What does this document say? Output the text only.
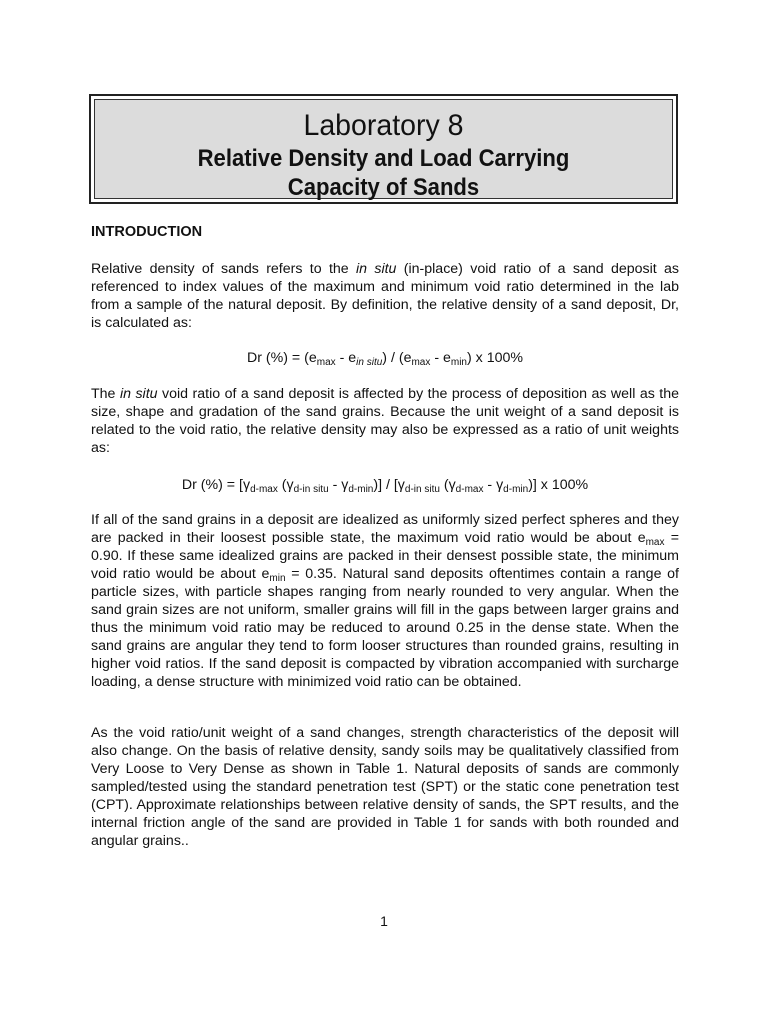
Laboratory 8
Relative Density and Load Carrying
Capacity of Sands
INTRODUCTION
Relative density of sands refers to the in situ (in-place) void ratio of a sand deposit as referenced to index values of the maximum and minimum void ratio determined in the lab from a sample of the natural deposit. By definition, the relative density of a sand deposit, Dr, is calculated as:
Dr (%) = $(e_{max} - e_{in situ}) / (e_{max} - e_{min})$ x 100%
The in situ void ratio of a sand deposit is affected by the process of deposition as well as the size, shape and gradation of the sand grains. Because the unit weight of a sand deposit is related to the void ratio, the relative density may also be expressed as a ratio of unit weights as:
Dr (%) = [$\gamma_{d-max}$ $(\gamma_{d-in situ} - \gamma_{d-min})] / [\gamma_{d-in situ}$ $(\gamma_{d-max} - \gamma_{d-min})$] x 100%
If all of the sand grains in a deposit are idealized as uniformly sized perfect spheres and they are packed in their loosest possible state, the maximum void ratio would be about $e_{max} = 0.90$. If these same idealized grains are packed in their densest possible state, the minimum void ratio would be about $e_{min} = 0.35$. Natural sand deposits oftentimes contain a range of particle sizes, with particle shapes ranging from nearly rounded to very angular. When the sand grain sizes are not uniform, smaller grains will fill in the gaps between larger grains and thus the minimum void ratio may be reduced to around 0.25 in the dense state. When the sand grains are angular they tend to form looser structures than rounded grains, resulting in higher void ratios. If the sand deposit is compacted by vibration accompanied with surcharge loading, a dense structure with minimized void ratio can be obtained.
As the void ratio/unit weight of a sand changes, strength characteristics of the deposit will also change. On the basis of relative density, sandy soils may be qualitatively classified from Very Loose to Very Dense as shown in Table 1. Natural deposits of sands are commonly sampled/tested using the standard penetration test (SPT) or the static cone penetration test (CPT). Approximate relationships between relative density of sands, the SPT results, and the internal friction angle of the sand are provided in Table 1 for sands with both rounded and angular grains..
1
